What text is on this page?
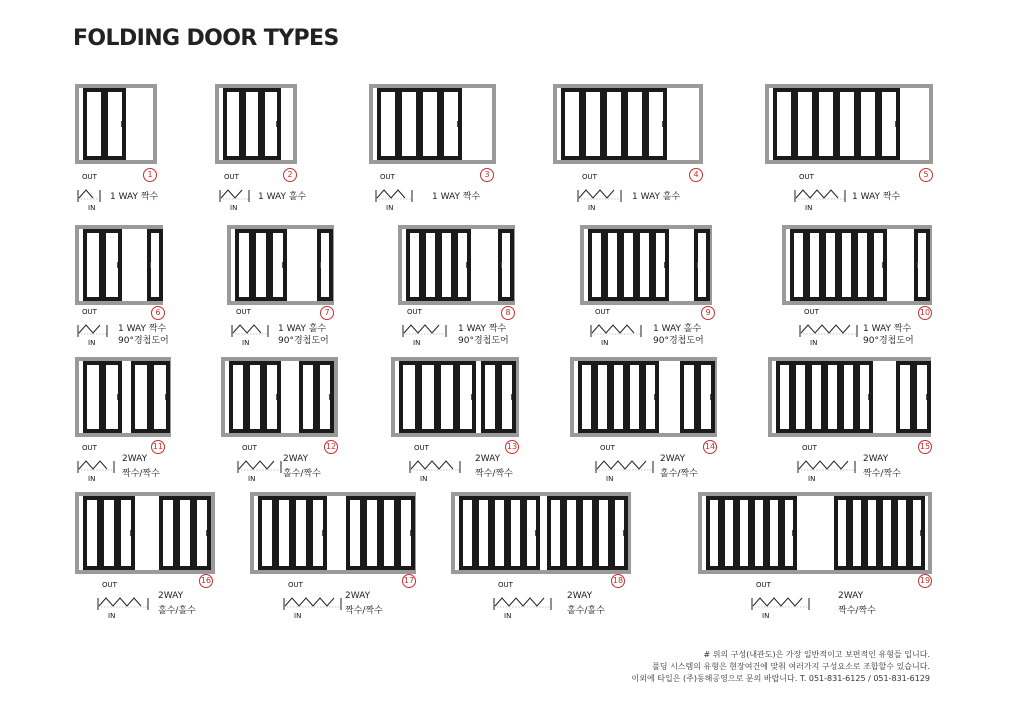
FOLDING DOOR TYPES
1
OUT
IN
1 WAY 짝수
2
OUT
IN
1 WAY 홀수
3
OUT
IN
1 WAY 짝수
4
OUT
IN
1 WAY 홀수
5
OUT
IN
1 WAY 짝수
6
OUT
IN
1 WAY 짝수
90°경첩도어
7
OUT
IN
1 WAY 홀수
90°경첩도어
8
OUT
IN
1 WAY 짝수
90°경첩도어
9
OUT
IN
1 WAY 홀수
90°경첩도어
10
OUT
IN
1 WAY 짝수
90°경첩도어
11
OUT
IN
2WAY
짝수/짝수
12
OUT
IN
2WAY
홀수/짝수
13
OUT
IN
2WAY
짝수/짝수
14
OUT
IN
2WAY
홀수/짝수
15
OUT
IN
2WAY
짝수/짝수
16
OUT
IN
2WAY
홀수/홀수
17
OUT
IN
2WAY
짝수/짝수
18
OUT
IN
2WAY
홀수/홀수
19
OUT
IN
2WAY
짝수/짝수
# 위의 구성(내관도)은 가장 일반적이고 보편적인 유형들 입니다.
폴딩 시스템의 유형은 현장여건에 맞춰 여러가지 구성요소로 조합할수 있습니다.
이외에 타입은 (주)동해공영으로 문의 바랍니다. T. 051-831-6125 / 051-831-6129
